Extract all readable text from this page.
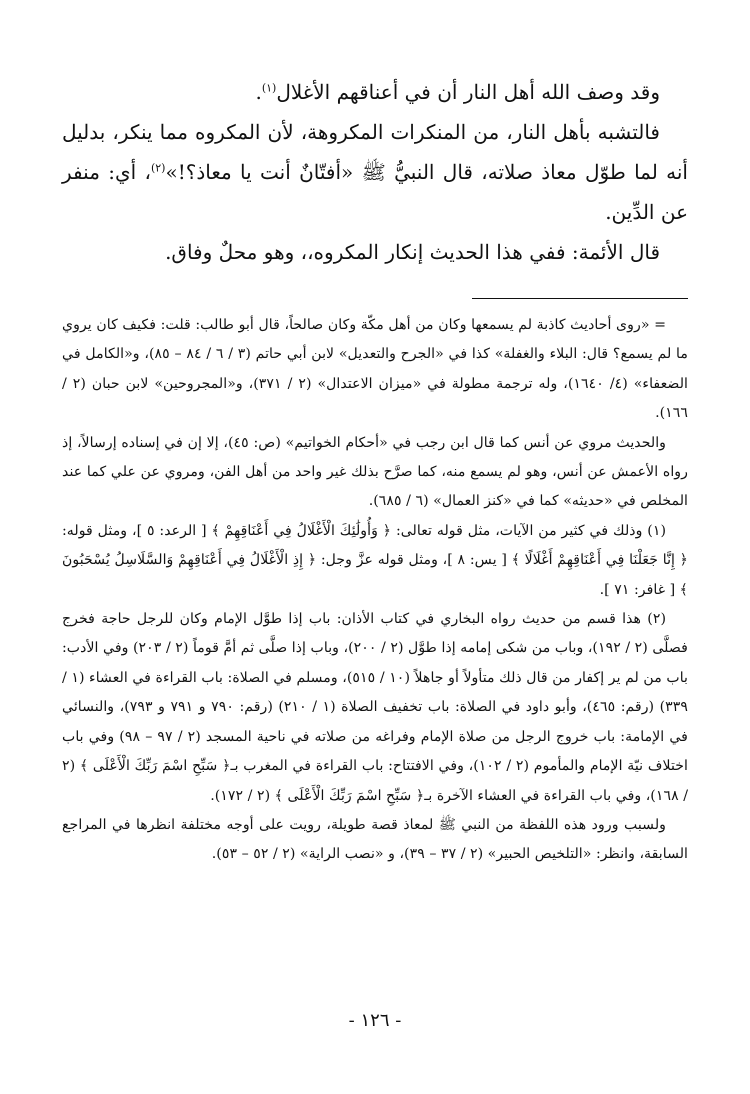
وقد وصف الله أهل النار أن في أعناقهم الأغلال$^{(١)}$.

فالتشبه بأهل النار، من المنكرات المكروهة، لأن المكروه مما ينكر، بدليل أنه لما طوّل معاذ صلاته، قال النبيُّ ﷺ «أفتّانٌ أنت يا معاذ؟!»$^{(٢)}$، أي: منفر عن الدِّين.

قال الأئمة: ففي هذا الحديث إنكار المكروه،، وهو محلٌ وفاق.

= «روى أحاديث كاذبة لم يسمعها وكان من أهل مكّة وكان صالحاً، قال أبو طالب: قلت: فكيف كان يروي ما لم يسمع؟ قال: البلاء والغفلة» كذا في «الجرح والتعديل» لابن أبي حاتم (٣ / ٦ / ٨٤ – ٨٥)، و«الكامل في الضعفاء» (٤/ ١٦٤٠)، وله ترجمة مطولة في «ميزان الاعتدال» (٢ / ٣٧١)، و«المجروحين» لابن حبان (٢ / ١٦٦).

والحديث مروي عن أنس كما قال ابن رجب في «أحكام الخواتيم» (ص: ٤٥)، إلا إن في إسناده إرسالاً، إذ رواه الأعمش عن أنس، وهو لم يسمع منه، كما صرَّح بذلك غير واحد من أهل الفن، ومروي عن علي كما عند المخلص في «حديثه» كما في «كنز العمال» (٦ / ٦٨٥).

(١) وذلك في كثير من الآيات، مثل قوله تعالى: ﴿ وَأُولَٰئِكَ الْأَغْلَالُ فِي أَعْنَاقِهِمْ ﴾ [ الرعد: ٥ ]، ومثل قوله: ﴿ إِنَّا جَعَلْنَا فِي أَعْنَاقِهِمْ أَغْلَالًا ﴾ [ يس: ٨ ]، ومثل قوله عزَّ وجل: ﴿ إِذِ الْأَغْلَالُ فِي أَعْنَاقِهِمْ وَالسَّلَاسِلُ يُسْحَبُونَ ﴾ [ غافر: ٧١ ].

(٢) هذا قسم من حديث رواه البخاري في كتاب الأذان: باب إذا طوَّل الإمام وكان للرجل حاجة فخرج فصلَّى (٢ / ١٩٢)، وباب من شكى إمامه إذا طوَّل (٢ / ٢٠٠)، وباب إذا صلَّى ثم أمَّ قوماً (٢ / ٢٠٣) وفي الأدب: باب من لم ير إكفار من قال ذلك متأولاً أو جاهلاً (١٠ / ٥١٥)، ومسلم في الصلاة: باب القراءة في العشاء (١ / ٣٣٩) (رقم: ٤٦٥)، وأبو داود في الصلاة: باب تخفيف الصلاة (١ / ٢١٠) (رقم: ٧٩٠ و ٧٩١ و ٧٩٣)، والنسائي في الإمامة: باب خروج الرجل من صلاة الإمام وفراغه من صلاته في ناحية المسجد (٢ / ٩٧ – ٩٨) وفي باب اختلاف نيّة الإمام والمأموم (٢ / ١٠٢)، وفي الافتتاح: باب القراءة في المغرب بـ﴿ سَبِّحِ اسْمَ رَبِّكَ الْأَعْلَى ﴾ (٢ / ١٦٨)، وفي باب القراءة في العشاء الآخرة بـ﴿ سَبِّحِ اسْمَ رَبِّكَ الْأَعْلَى ﴾ (٢ / ١٧٢).

ولسبب ورود هذه اللفظة من النبي ﷺ لمعاذ قصة طويلة، رويت على أوجه مختلفة انظرها في المراجع السابقة، وانظر: «التلخيص الحبير» (٢ / ٣٧ – ٣٩)، و «نصب الراية» (٢ / ٥٢ – ٥٣).

- ١٢٦ -
